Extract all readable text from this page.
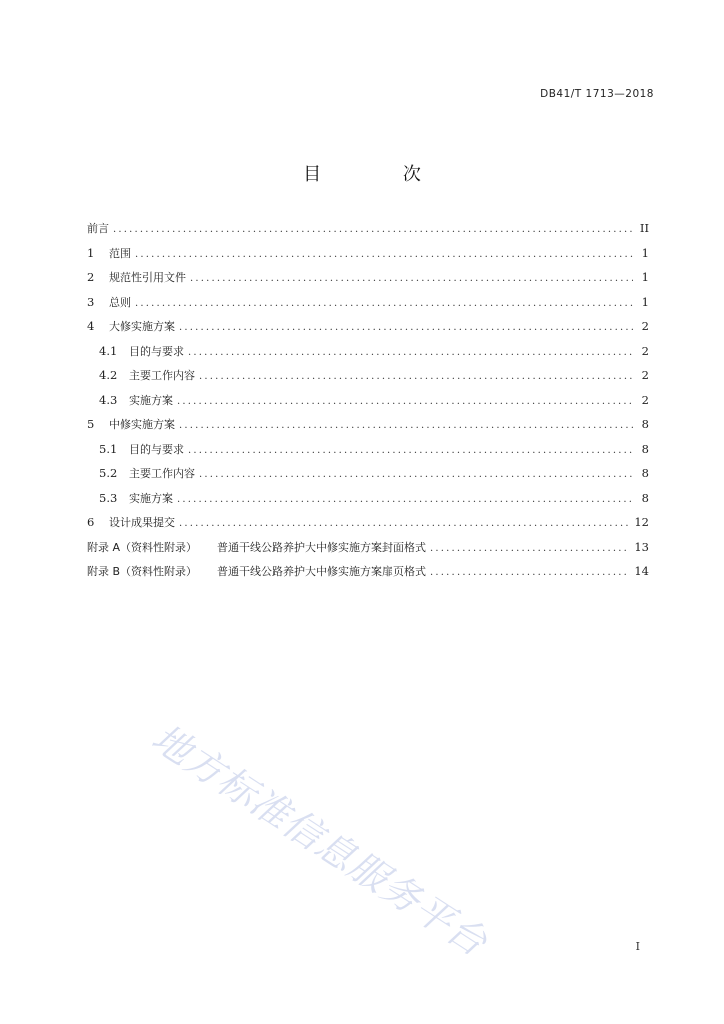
DB41/T 1713—2018
目 次
前言 .....	II
1	范围 .....	1
2	规范性引用文件 .....	1
3	总则 .....	1
4	大修实施方案 .....	2
4.1	目的与要求 .....	2
4.2	主要工作内容 .....	2
4.3	实施方案 .....	2
5	中修实施方案 .....	8
5.1	目的与要求 .....	8
5.2	主要工作内容 .....	8
5.3	实施方案 .....	8
6	设计成果提交 .....	12
附录 A（资料性附录） 普通干线公路养护大中修实施方案封面格式 .....	13
附录 B（资料性附录） 普通干线公路养护大中修实施方案扉页格式 .....	14
地方标准信息服务平台	I
